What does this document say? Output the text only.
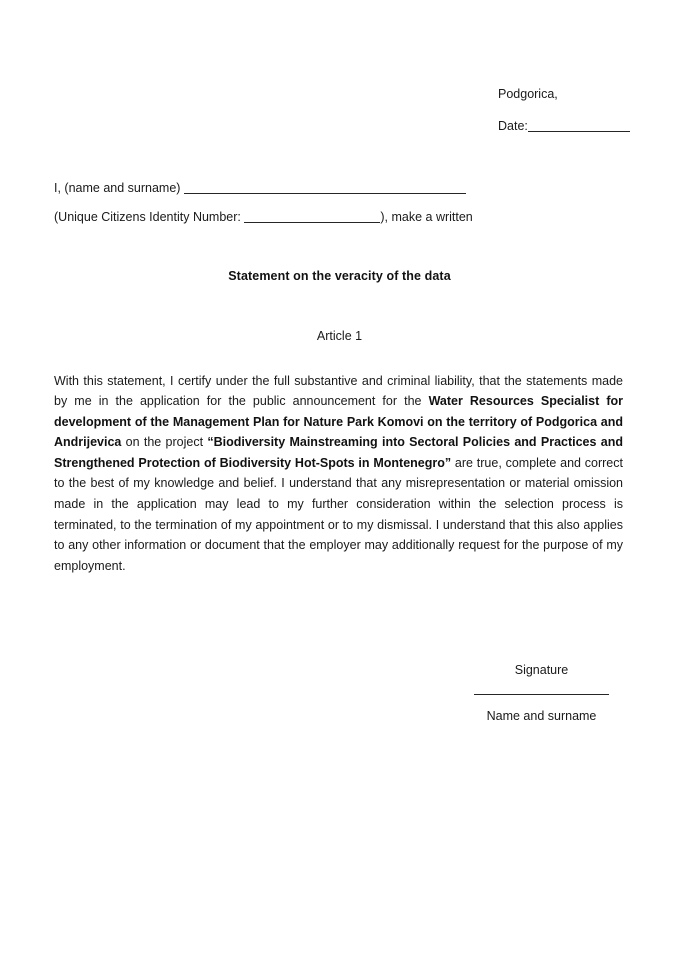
Podgorica,
Date:
I, (name and surname)
(Unique Citizens Identity Number:	), make a written
Statement on the veracity of the data
Article 1

With this statement, I certify under the full substantive and criminal liability, that the statements made by me in the application for the public announcement for the Water Resources Specialist for development of the Management Plan for Nature Park Komovi on the territory of Podgorica and Andrijevica on the project “Biodiversity Mainstreaming into Sectoral Policies and Practices and Strengthened Protection of Biodiversity Hot-Spots in Montenegro” are true, complete and correct to the best of my knowledge and belief. I understand that any misrepresentation or material omission made in the application may lead to my further consideration within the selection process is terminated, to the termination of my appointment or to my dismissal. I understand that this also applies to any other information or document that the employer may additionally request for the purpose of my employment.

Signature
Name and surname
